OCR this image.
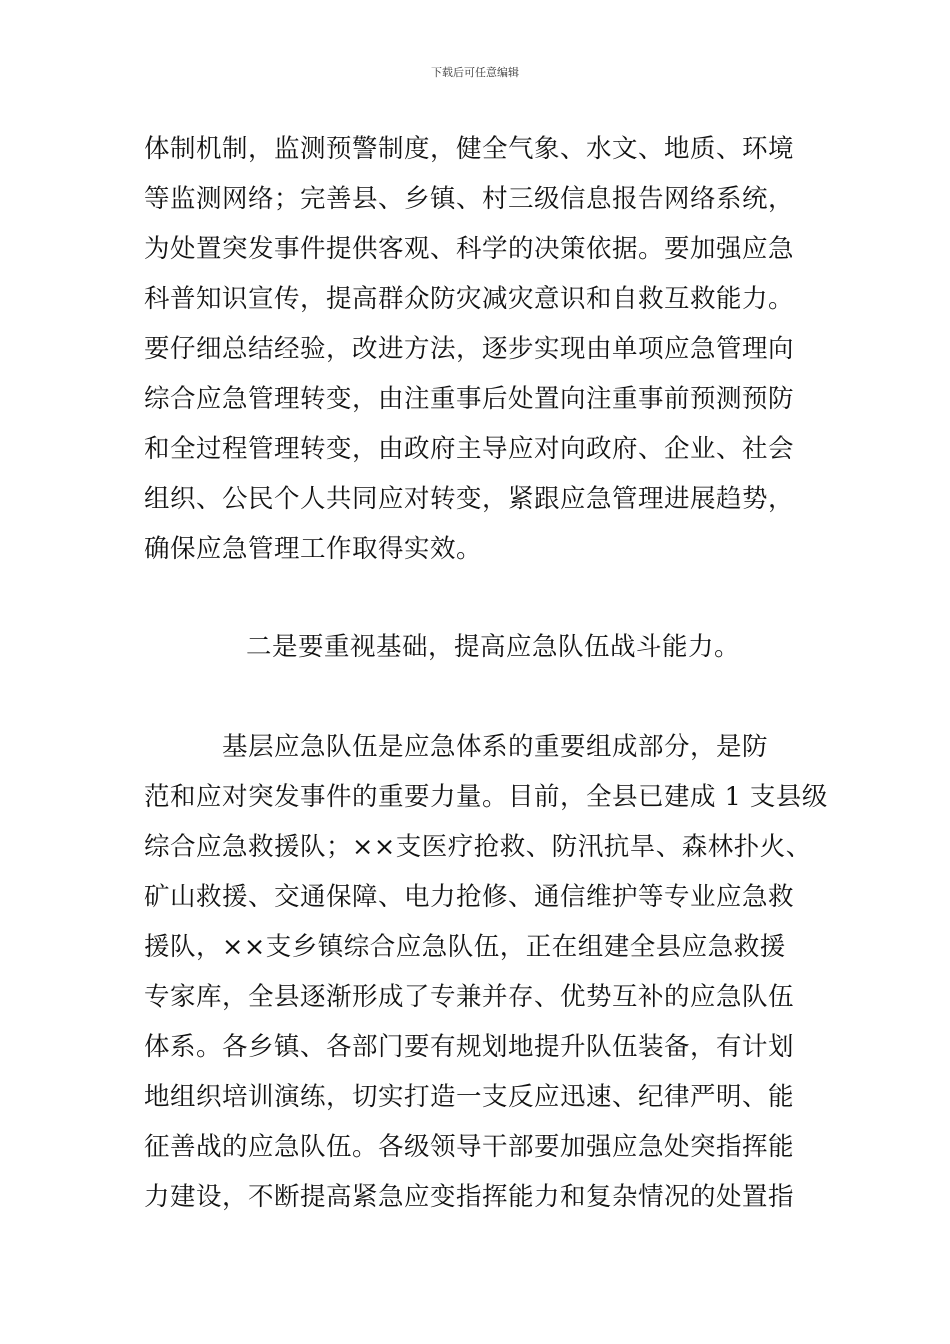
下载后可任意编辑
体制机制，监测预警制度，健全气象、水文、地质、环境
等监测网络；完善县、乡镇、村三级信息报告网络系统，
为处置突发事件提供客观、科学的决策依据。要加强应急
科普知识宣传，提高群众防灾减灾意识和自救互救能力。
要仔细总结经验，改进方法，逐步实现由单项应急管理向
综合应急管理转变，由注重事后处置向注重事前预测预防
和全过程管理转变，由政府主导应对向政府、企业、社会
组织、公民个人共同应对转变，紧跟应急管理进展趋势，
确保应急管理工作取得实效。
二是要重视基础，提高应急队伍战斗能力。
　　　基层应急队伍是应急体系的重要组成部分，是防
范和应对突发事件的重要力量。目前，全县已建成 1 支县级
综合应急救援队；××支医疗抢救、防汛抗旱、森林扑火、
矿山救援、交通保障、电力抢修、通信维护等专业应急救
援队，××支乡镇综合应急队伍，正在组建全县应急救援
专家库，全县逐渐形成了专兼并存、优势互补的应急队伍
体系。各乡镇、各部门要有规划地提升队伍装备，有计划
地组织培训演练，切实打造一支反应迅速、纪律严明、能
征善战的应急队伍。各级领导干部要加强应急处突指挥能
力建设，不断提高紧急应变指挥能力和复杂情况的处置指
